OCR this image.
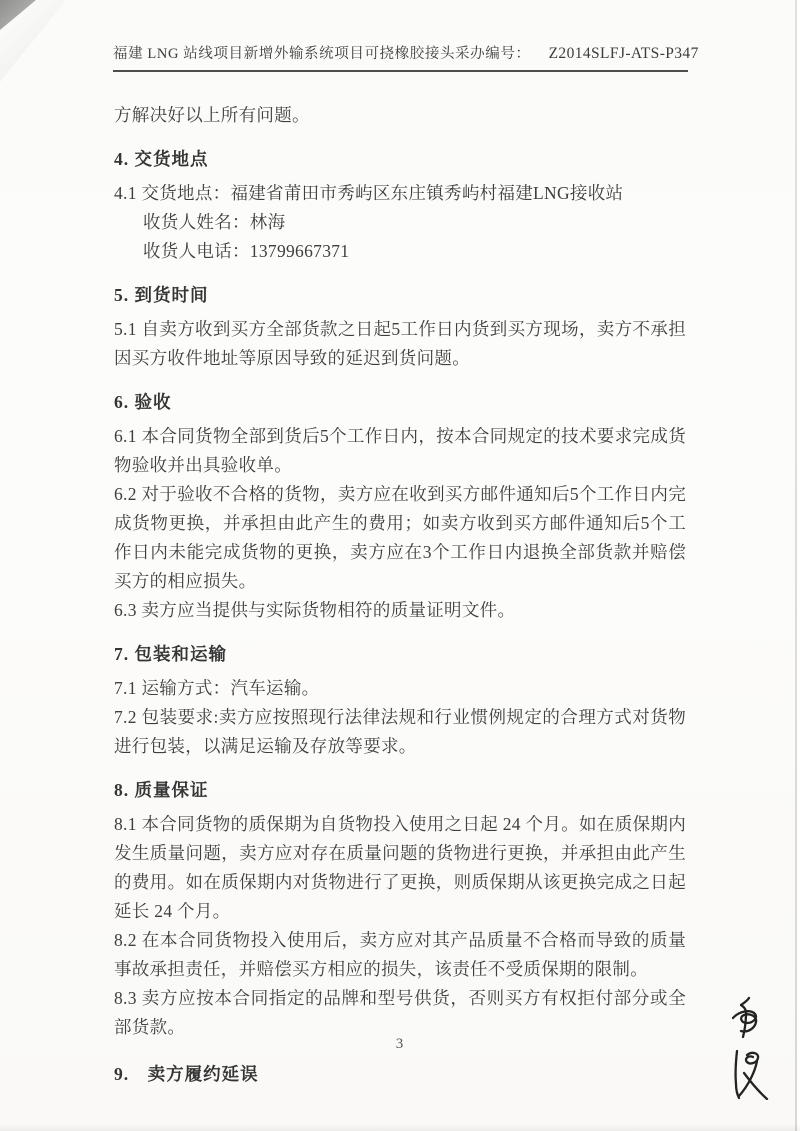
福建 LNG 站线项目新增外输系统项目可挠橡胶接头采办 编号： Z2014SLFJ-ATS-P347

方解决好以上所有问题。

4. 交货地点

4.1 交货地点：福建省莆田市秀屿区东庄镇秀屿村福建LNG接收站

收货人姓名：林海

收货人电话：13799667371

5. 到货时间

5.1 自卖方收到买方全部货款之日起5工作日内货到买方现场，卖方不承担因买方收件地址等原因导致的延迟到货问题。

6. 验收

6.1 本合同货物全部到货后5个工作日内，按本合同规定的技术要求完成货物验收并出具验收单。

6.2 对于验收不合格的货物，卖方应在收到买方邮件通知后5个工作日内完成货物更换，并承担由此产生的费用；如卖方收到买方邮件通知后5个工作日内未能完成货物的更换，卖方应在3个工作日内退换全部货款并赔偿买方的相应损失。

6.3 卖方应当提供与实际货物相符的质量证明文件。

7. 包装和运输

7.1 运输方式：汽车运输。

7.2 包装要求:卖方应按照现行法律法规和行业惯例规定的合理方式对货物进行包装，以满足运输及存放等要求。

8. 质量保证

8.1 本合同货物的质保期为自货物投入使用之日起 24 个月。如在质保期内发生质量问题，卖方应对存在质量问题的货物进行更换，并承担由此产生的费用。如在质保期内对货物进行了更换，则质保期从该更换完成之日起延长 24 个月。

8.2 在本合同货物投入使用后，卖方应对其产品质量不合格而导致的质量事故承担责任，并赔偿买方相应的损失，该责任不受质保期的限制。

8.3 卖方应按本合同指定的品牌和型号供货，否则买方有权拒付部分或全部货款。

9.　卖方履约延误

3
